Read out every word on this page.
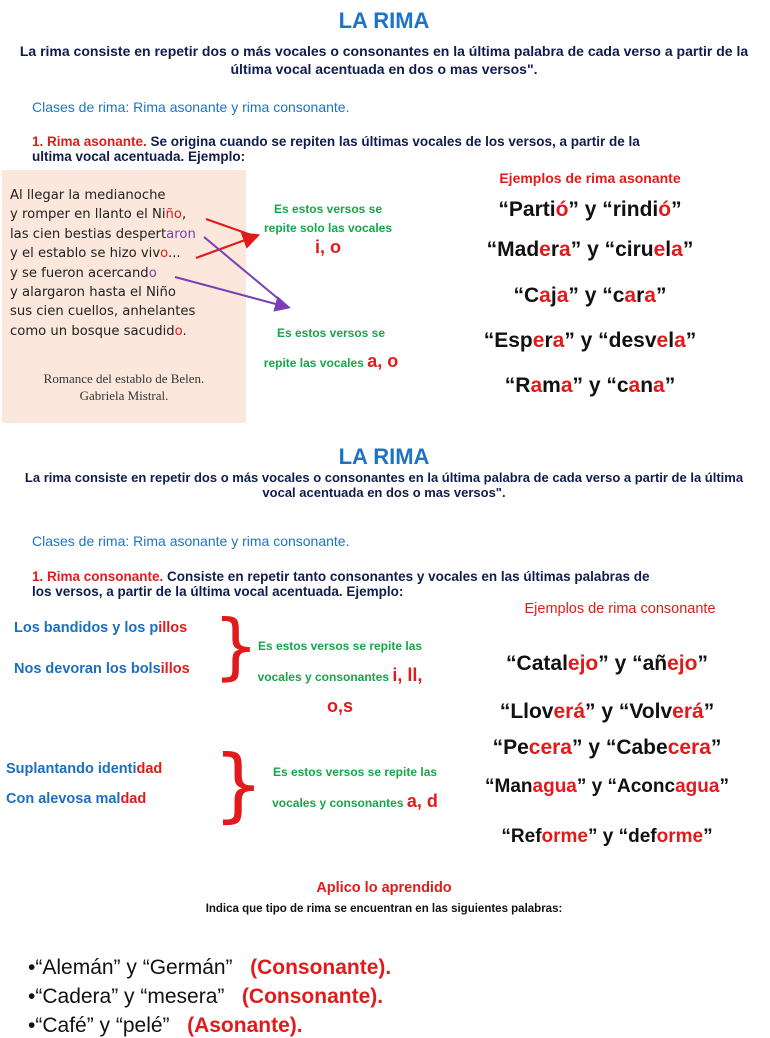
LA RIMA
La rima consiste en repetir dos o más vocales o consonantes en la última palabra de cada verso a partir de la última vocal acentuada en dos o mas versos".
Clases de rima: Rima asonante y rima consonante.
1. Rima asonante. Se origina cuando se repiten las últimas vocales de los versos, a partir de la
ultima vocal acentuada. Ejemplo:
Al llegar la medianoche
y romper en llanto el Niño,
las cien bestias despertaron
y el establo se hizo vivo...
y se fueron acercando
y alargaron hasta el Niño
sus cien cuellos, anhelantes
como un bosque sacudido.
Romance del establo de Belen.
Gabriela Mistral.
Es estos versos se repite solo las vocales
i, o
Es estos versos se
repite las vocales a, o
Ejemplos de rima asonante
LA RIMA
La rima consiste en repetir dos o más vocales o consonantes en la última palabra de cada verso a partir de la última vocal acentuada en dos o mas versos".
Clases de rima: Rima asonante y rima consonante.
1. Rima consonante. Consiste en repetir tanto consonantes y vocales en las últimas palabras de
los versos, a partir de la última vocal acentuada. Ejemplo:
Ejemplos de rima consonante
} Es estos versos se repite las
vocales y consonantes i, ll,
o,s
} Es estos versos se repite las
vocales y consonantes a, d
Aplico lo aprendido
Indica que tipo de rima se encuentran en las siguientes palabras:
“Partió” y “rindió”
“Madera” y “ciruela”
“Caja” y “cara”
“Espera” y “desvela”
“Rama” y “cana”
Los bandidos y los pillos
Nos devoran los bolsillos
Suplantando identidad
Con alevosa maldad
“Catalejo” y “añejo”
“Lloverá” y “Volverá”
“Pecera” y “Cabecera”
“Managua” y “Aconcagua”
“Reforme” y “deforme”
•“Alemán” y “Germán” (Consonante).
•“Cadera” y “mesera” (Consonante).
•“Café” y “pelé” (Asonante).
